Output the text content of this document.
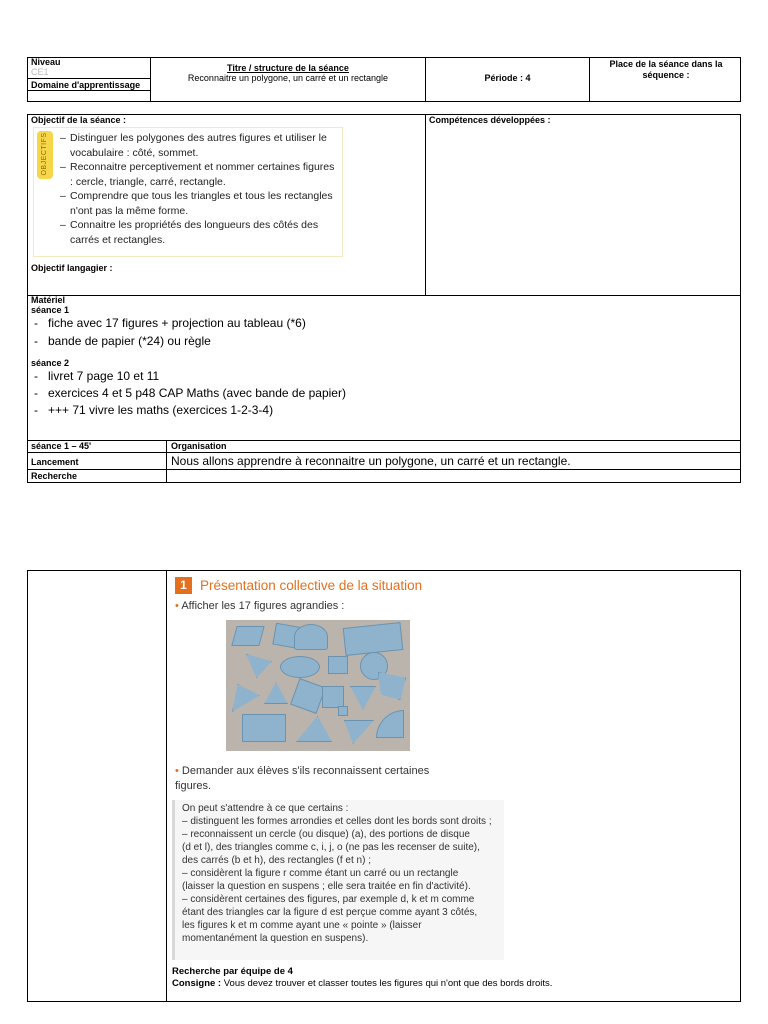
Niveau
CE1
Domaine d'apprentissage
Titre / structure de la séance
Reconnaitre un polygone, un carré et un rectangle	Période : 4
Place de la séance dans la séquence :
Objectif de la séance :	Compétences développées :
OBJECTIFS
–	Distinguer les polygones des autres figures et utiliser le vocabulaire : côté, sommet.
– Reconnaitre perceptivement et nommer certaines figures : cercle, triangle, carré, rectangle.
– Comprendre que tous les triangles et tous les rectangles n'ont pas la même forme.
– Connaitre les propriétés des longueurs des côtés des carrés et rectangles.
Objectif langagier :
Matériel
séance 1
- fiche avec 17 figures + projection au tableau (*6)
- bande de papier (*24) ou règle
séance 2
- livret 7 page 10 et 11
- exercices 4 et 5 p48 CAP Maths (avec bande de papier)
- +++ 71 vivre les maths (exercices 1-2-3-4)
séance 1 – 45'	Organisation
Lancement	Nous allons apprendre à reconnaitre un polygone, un carré et un rectangle.
Recherche
1 Présentation collective de la situation
• Afficher les 17 figures agrandies :
• Demander aux élèves s'ils reconnaissent certaines figures.
On peut s'attendre à ce que certains :
– distinguent les formes arrondies et celles dont les bords sont droits ;
– reconnaissent un cercle (ou disque) (a), des portions de disque
(d et l), des triangles comme c, i, j, o (ne pas les recenser de suite),
des carrés (b et h), des rectangles (f et n) ;
– considèrent la figure r comme étant un carré ou un rectangle
(laisser la question en suspens ; elle sera traitée en fin d'activité).
– considèrent certaines des figures, par exemple d, k et m comme
étant des triangles car la figure d est perçue comme ayant 3 côtés,
les figures k et m comme ayant une « pointe » (laisser
momentanément la question en suspens).
Recherche par équipe de 4
Consigne : Vous devez trouver et classer toutes les figures qui n'ont que des bords droits.
